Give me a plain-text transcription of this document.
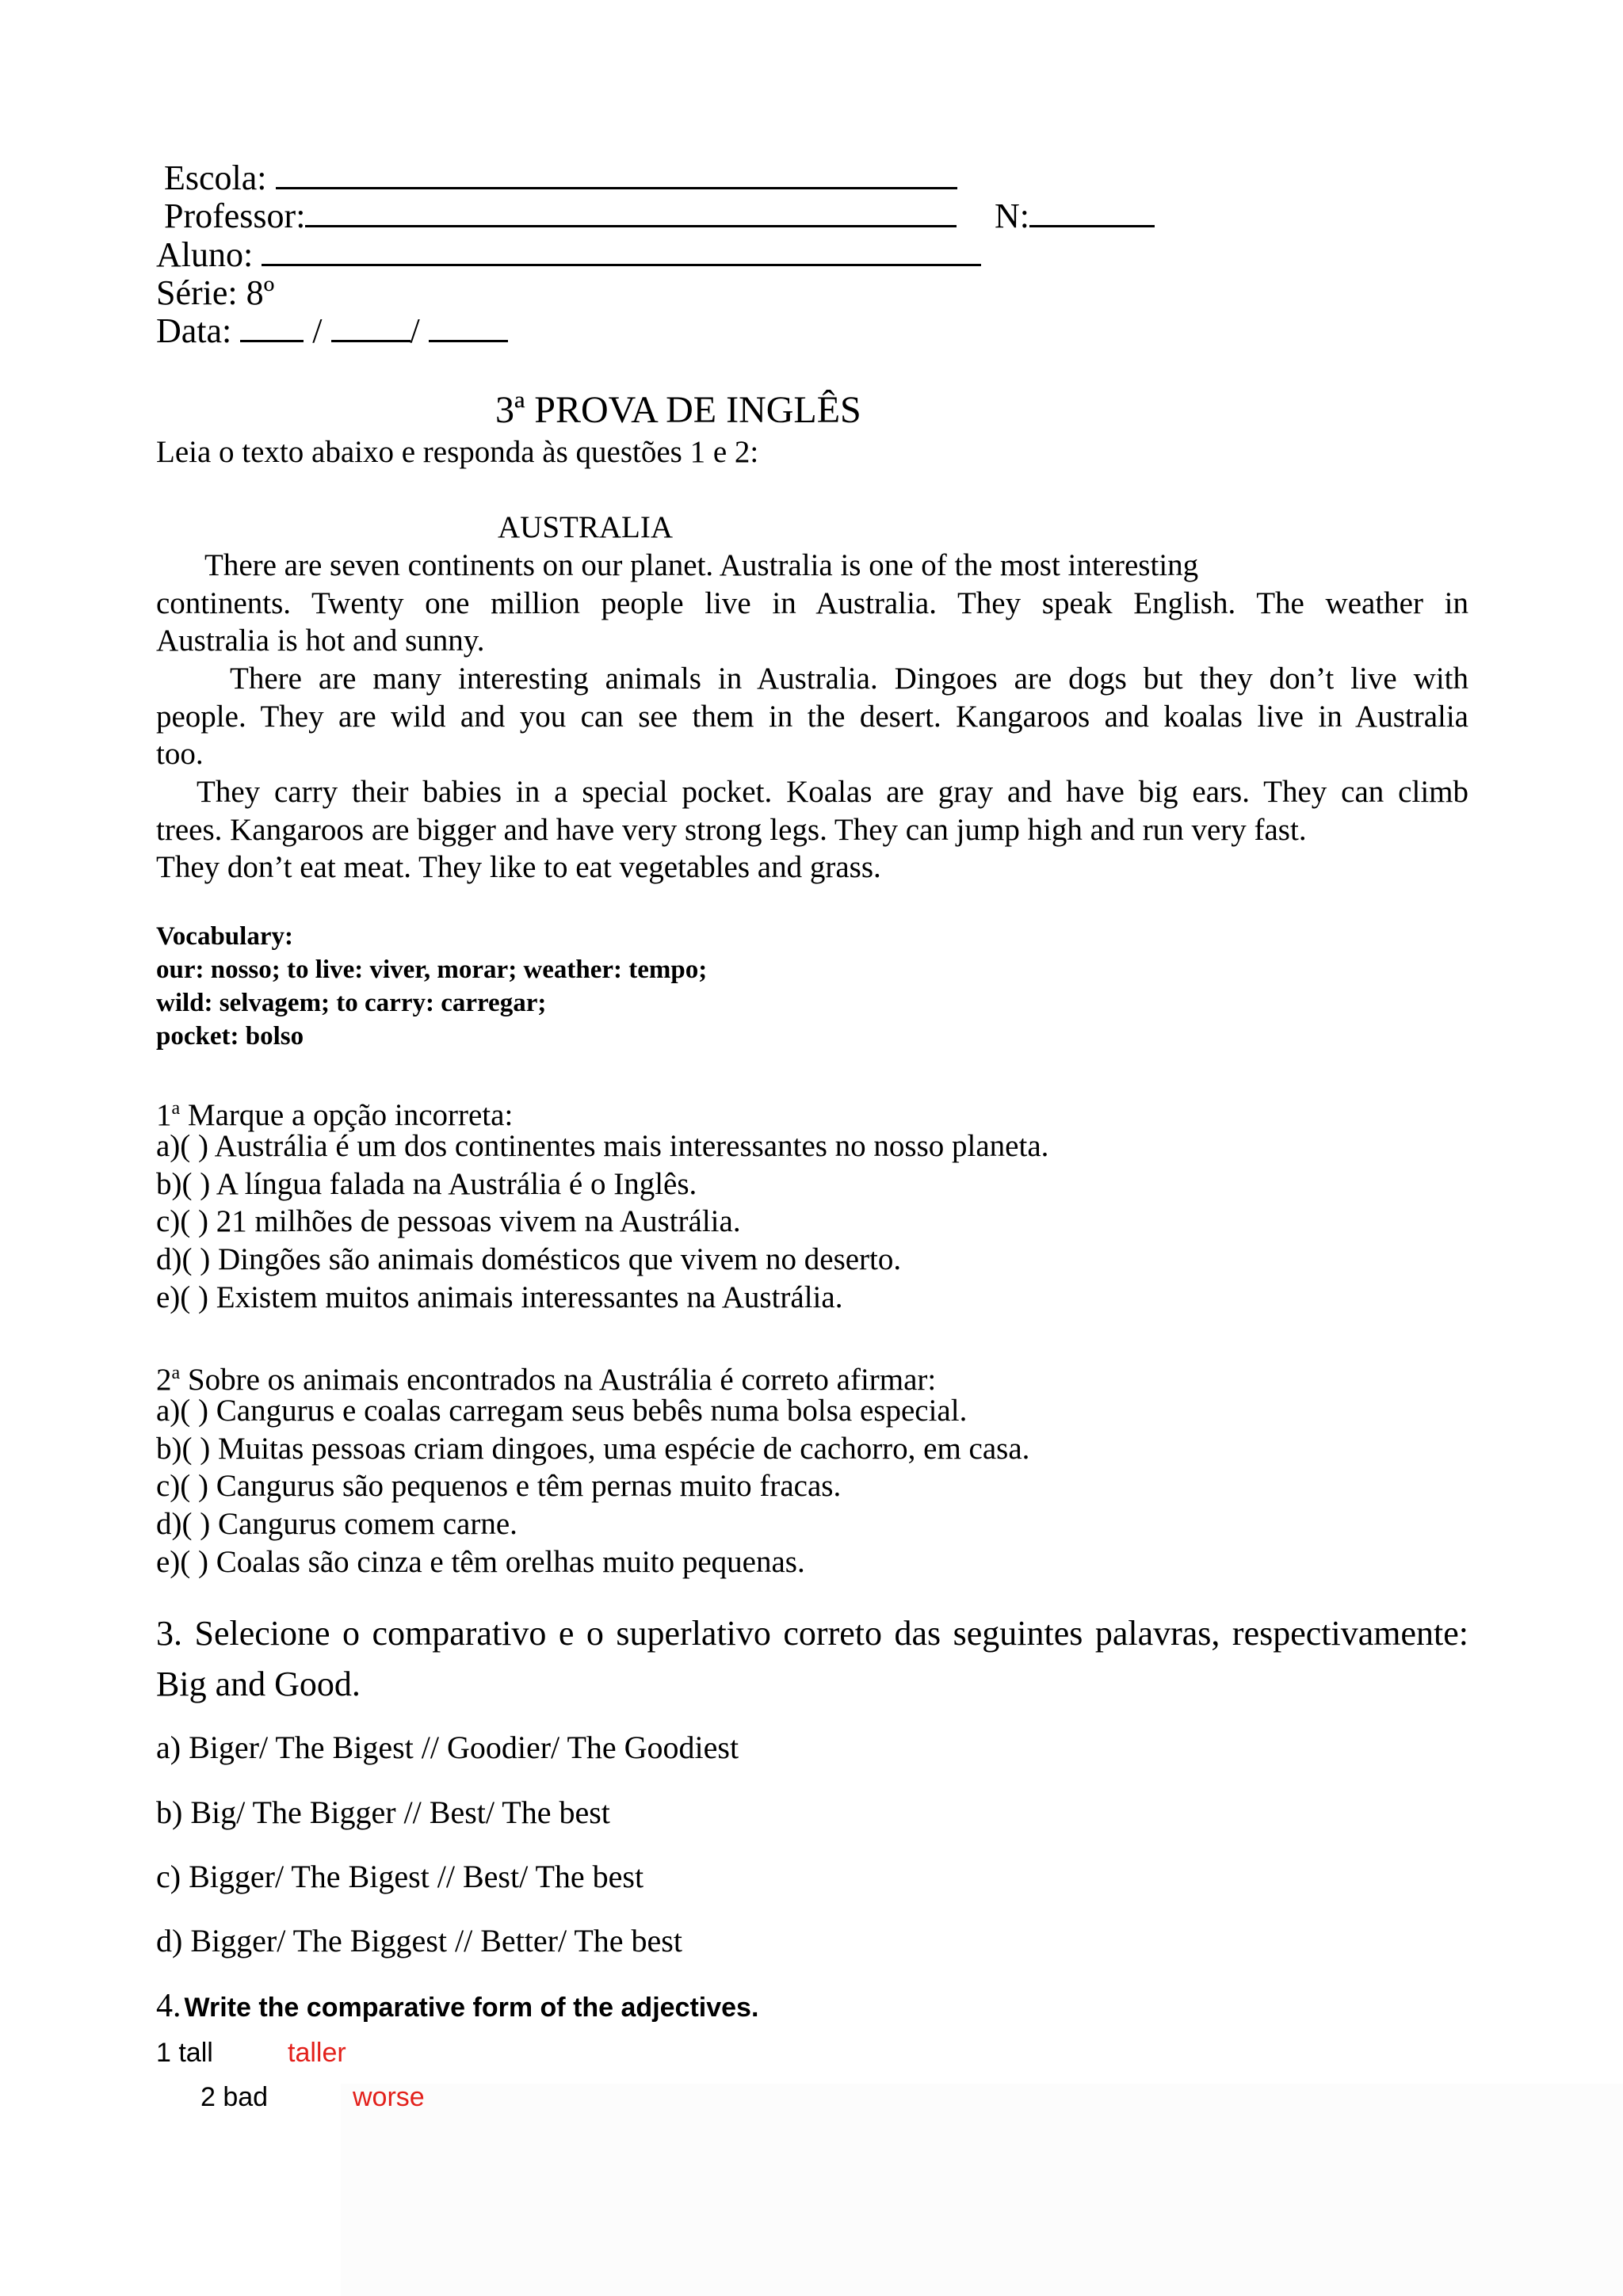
Escola:
Professor:	N:
Aluno:
Série: 8º
Data: /	/
3ª PROVA DE INGLÊS
Leia o texto abaixo e responda às questões 1 e 2:
AUSTRALIA
There are seven continents on our planet. Australia is one of the most interesting
continents. Twenty one million people live in Australia. They speak English. The weather in
Australia is hot and sunny.
There are many interesting animals in Australia. Dingoes are dogs but they don’t live with
people. They are wild and you can see them in the desert. Kangaroos and koalas live in Australia
too.
They carry their babies in a special pocket. Koalas are gray and have big ears. They can climb
trees. Kangaroos are bigger and have very strong legs. They can jump high and run very fast.
They don’t eat meat. They like to eat vegetables and grass.
Vocabulary:
our: nosso; to live: viver, morar; weather: tempo;
wild: selvagem; to carry: carregar;
pocket: bolso
1$^a$ Marque a opção incorreta:
a)( ) Austrália é um dos continentes mais interessantes no nosso planeta.
b)( ) A língua falada na Austrália é o Inglês.
c)( ) 21 milhões de pessoas vivem na Austrália.
d)( ) Dingões são animais domésticos que vivem no deserto.
e)( ) Existem muitos animais interessantes na Austrália.
2$^a$ Sobre os animais encontrados na Austrália é correto afirmar:
a)( ) Cangurus e coalas carregam seus bebês numa bolsa especial.
b)( ) Muitas pessoas criam dingoes, uma espécie de cachorro, em casa.
c)( ) Cangurus são pequenos e têm pernas muito fracas.
d)( ) Cangurus comem carne.
e)( ) Coalas são cinza e têm orelhas muito pequenas.
3. Selecione o comparativo e o superlativo correto das seguintes palavras, respectivamente:
Big and Good.
a) Biger/ The Bigest // Goodier/ The Goodiest
b) Big/ The Bigger // Best/ The best
c) Bigger/ The Bigest // Best/ The best
d) Bigger/ The Biggest // Better/ The best
4. Write the comparative form of the adjectives.
1 tall	taller
2 bad	worse
